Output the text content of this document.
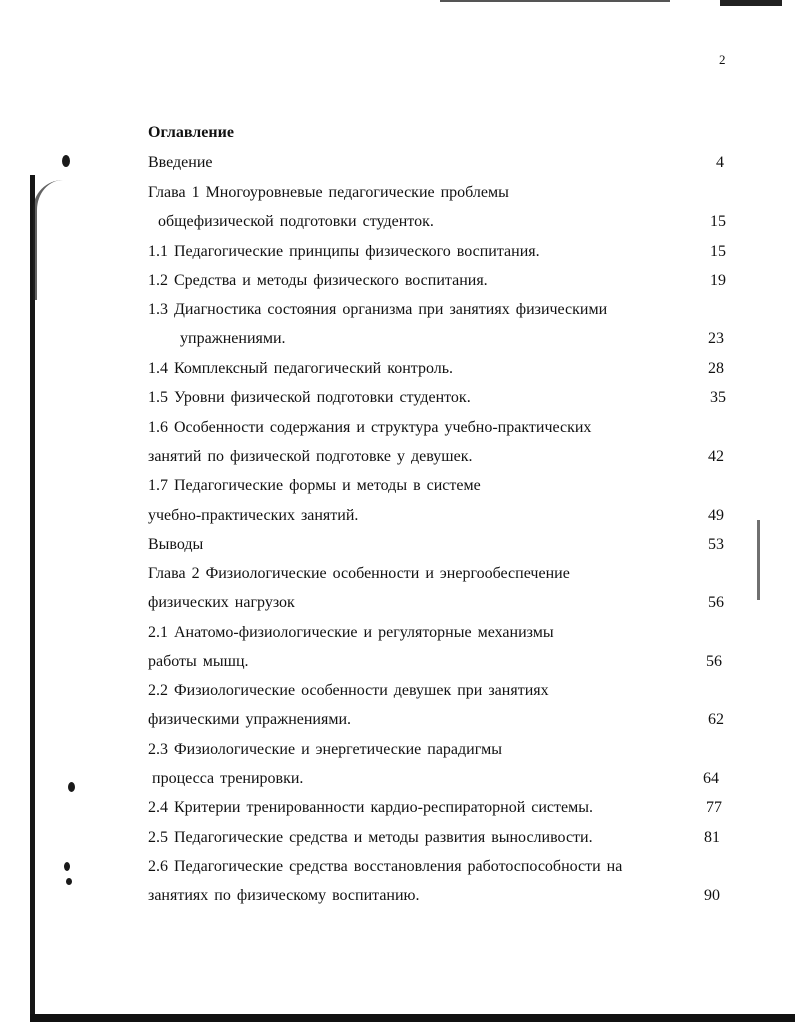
2
Оглавление
Введение	4
Глава 1 Многоуровневые педагогические проблемы
общефизической подготовки студенток.	15
1.1 Педагогические принципы физического воспитания.	15
1.2 Средства и методы физического воспитания.	19
1.3 Диагностика состояния организма при занятиях физическими
упражнениями.	23
1.4 Комплексный педагогический контроль.	28
1.5 Уровни физической подготовки студенток.	35
1.6 Особенности содержания и структура учебно-практических
занятий по физической подготовке у девушек.	42
1.7 Педагогические формы и методы в системе
учебно-практических занятий.	49
Выводы	53
Глава 2 Физиологические особенности и энергообеспечение
физических нагрузок	56
2.1 Анатомо-физиологические и регуляторные механизмы
работы мышц.	56
2.2 Физиологические особенности девушек при занятиях
физическими упражнениями.	62
2.3 Физиологические и энергетические парадигмы
процесса тренировки.	64
2.4 Критерии тренированности кардио-респираторной системы.	77
2.5 Педагогические средства и методы развития выносливости.	81
2.6 Педагогические средства восстановления работоспособности на
занятиях по физическому воспитанию.	90
